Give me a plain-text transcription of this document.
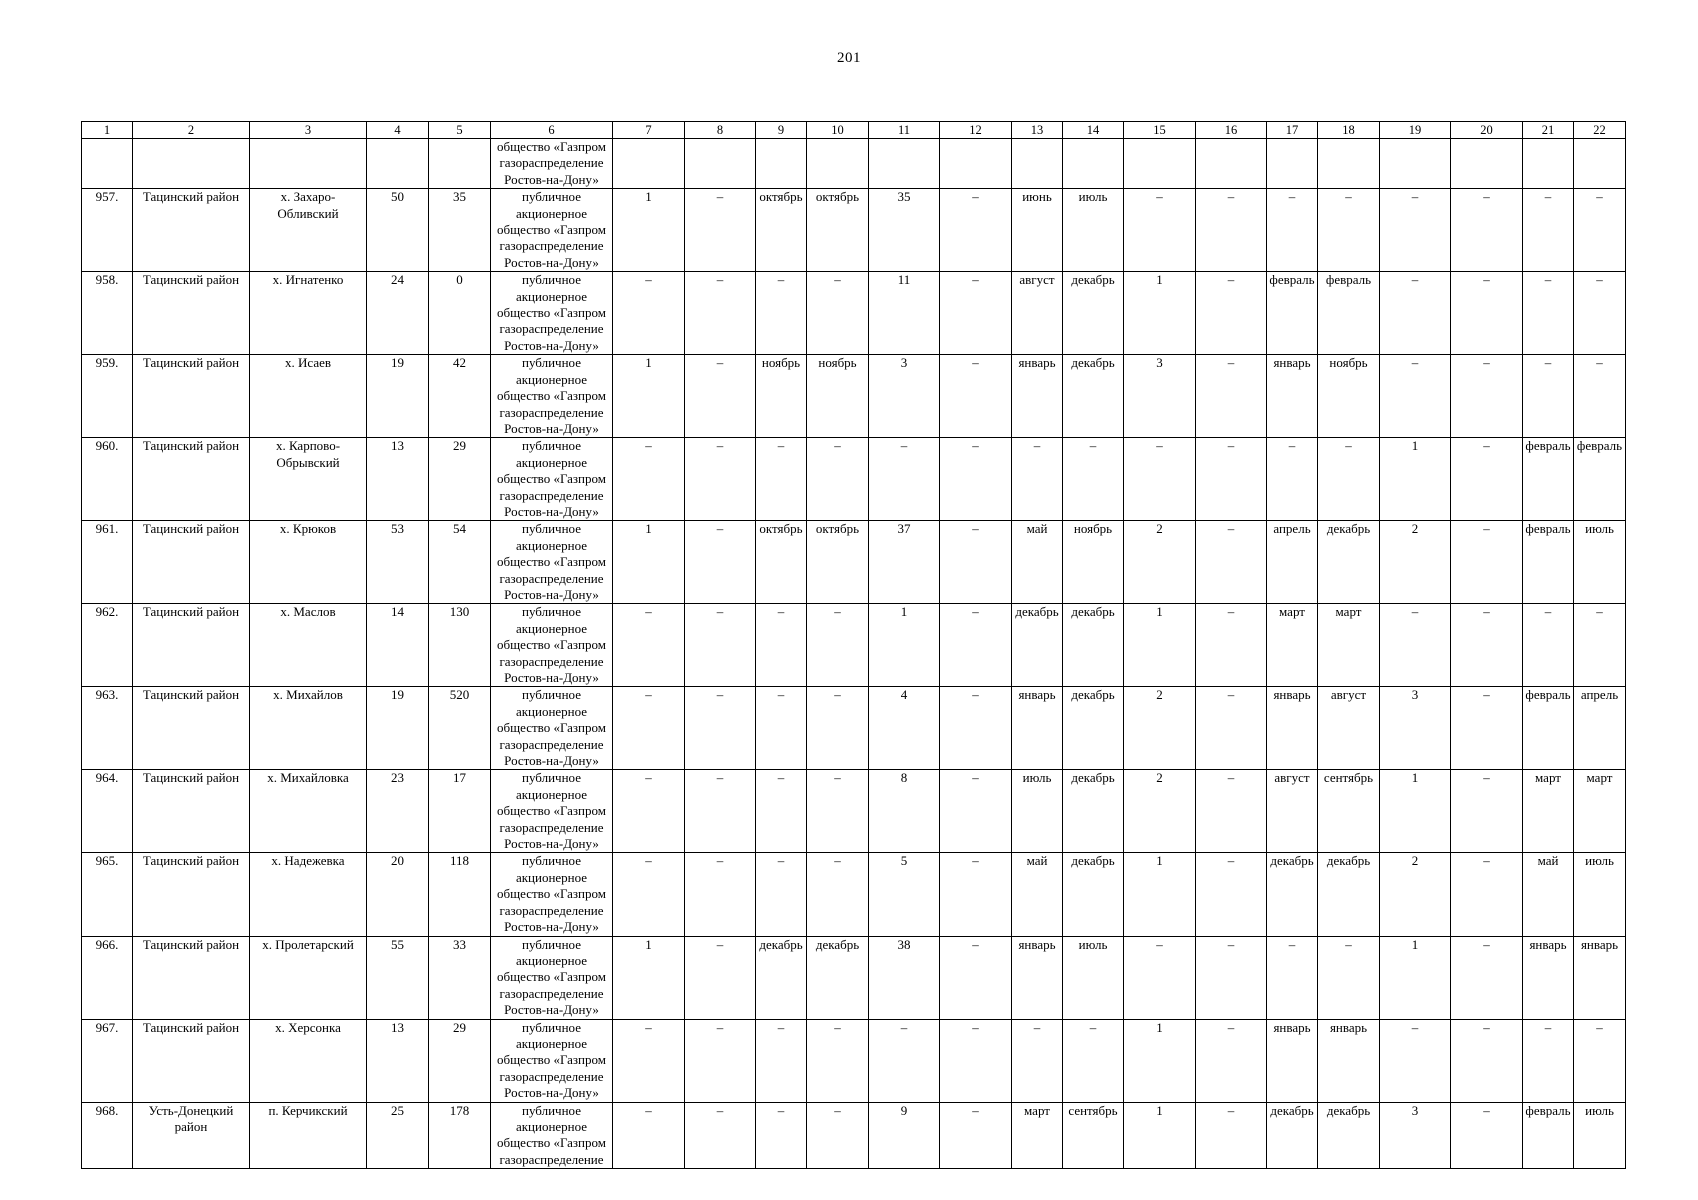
201
1	2	3	4	5	6	7	8	9	10	11	12	13	14	15	16	17	18	19	20	21	22
					общество «Газпром газораспределение Ростов-на-Дону»																
957.	Тацинский район	х. Захаро-Обливский	50	35	публичное акционерное общество «Газпром газораспределение Ростов-на-Дону»	1	–	октябрь	октябрь	35	–	июнь	июль	–	–	–	–	–	–	–	–
958.	Тацинский район	х. Игнатенко	24	0	публичное акционерное общество «Газпром газораспределение Ростов-на-Дону»	–	–	–	–	11	–	август	декабрь	1	–	февраль	февраль	–	–	–	–
959.	Тацинский район	х. Исаев	19	42	публичное акционерное общество «Газпром газораспределение Ростов-на-Дону»	1	–	ноябрь	ноябрь	3	–	январь	декабрь	3	–	январь	ноябрь	–	–	–	–
960.	Тацинский район	х. Карпово-Обрывский	13	29	публичное акционерное общество «Газпром газораспределение Ростов-на-Дону»	–	–	–	–	–	–	–	–	–	–	–	–	1	–	февраль	февраль
961.	Тацинский район	х. Крюков	53	54	публичное акционерное общество «Газпром газораспределение Ростов-на-Дону»	1	–	октябрь	октябрь	37	–	май	ноябрь	2	–	апрель	декабрь	2	–	февраль	июль
962.	Тацинский район	х. Маслов	14	130	публичное акционерное общество «Газпром газораспределение Ростов-на-Дону»	–	–	–	–	1	–	декабрь	декабрь	1	–	март	март	–	–	–	–
963.	Тацинский район	х. Михайлов	19	520	публичное акционерное общество «Газпром газораспределение Ростов-на-Дону»	–	–	–	–	4	–	январь	декабрь	2	–	январь	август	3	–	февраль	апрель
964.	Тацинский район	х. Михайловка	23	17	публичное акционерное общество «Газпром газораспределение Ростов-на-Дону»	–	–	–	–	8	–	июль	декабрь	2	–	август	сентябрь	1	–	март	март
965.	Тацинский район	х. Надежевка	20	118	публичное акционерное общество «Газпром газораспределение Ростов-на-Дону»	–	–	–	–	5	–	май	декабрь	1	–	декабрь	декабрь	2	–	май	июль
966.	Тацинский район	х. Пролетарский	55	33	публичное акционерное общество «Газпром газораспределение Ростов-на-Дону»	1	–	декабрь	декабрь	38	–	январь	июль	–	–	–	–	1	–	январь	январь
967.	Тацинский район	х. Херсонка	13	29	публичное акционерное общество «Газпром газораспределение Ростов-на-Дону»	–	–	–	–	–	–	–	–	1	–	январь	январь	–	–	–	–
968.	Усть-Донецкий район	п. Керчикский	25	178	публичное акционерное общество «Газпром газораспределение	–	–	–	–	9	–	март	сентябрь	1	–	декабрь	декабрь	3	–	февраль	июль
